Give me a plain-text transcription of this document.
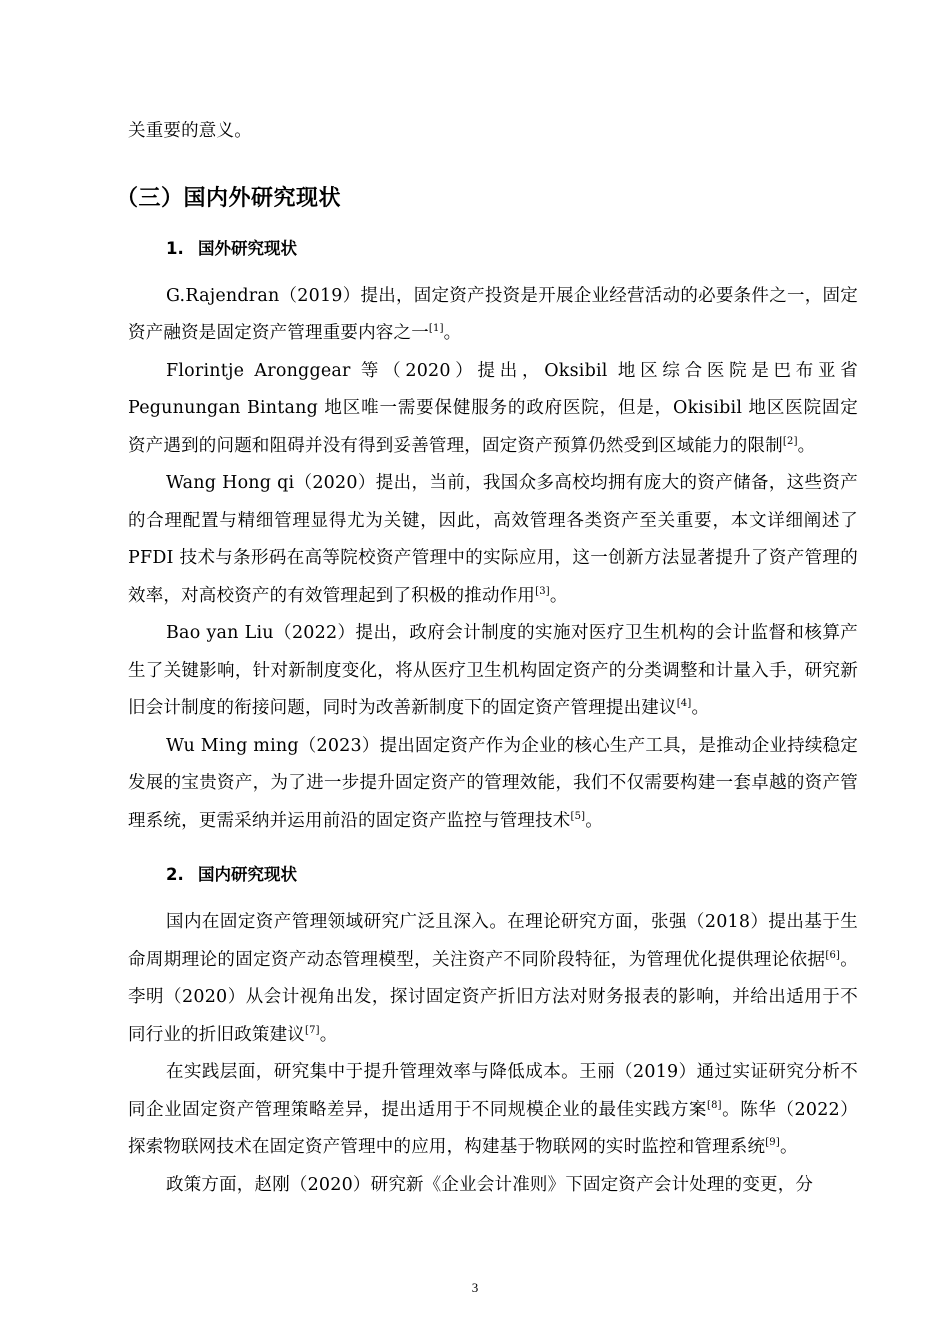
关重要的意义。

（三）国内外研究现状
1. 国外研究现状

G.Rajendran（2019）提出，固定资产投资是开展企业经营活动的必要条件之一，固定资产融资是固定资产管理重要内容之一[1]。

Florintje Aronggear 等（2020）提出，Oksibil 地区综合医院是巴布亚省 Pegunungan Bintang 地区唯一需要保健服务的政府医院，但是，Okisibil 地区医院固定资产遇到的问题和阻碍并没有得到妥善管理，固定资产预算仍然受到区域能力的限制[2]。

Wang Hong qi（2020）提出，当前，我国众多高校均拥有庞大的资产储备，这些资产的合理配置与精细管理显得尤为关键，因此，高效管理各类资产至关重要，本文详细阐述了 PFDI 技术与条形码在高等院校资产管理中的实际应用，这一创新方法显著提升了资产管理的效率，对高校资产的有效管理起到了积极的推动作用[3]。

Bao yan Liu（2022）提出，政府会计制度的实施对医疗卫生机构的会计监督和核算产生了关键影响，针对新制度变化，将从医疗卫生机构固定资产的分类调整和计量入手，研究新旧会计制度的衔接问题，同时为改善新制度下的固定资产管理提出建议[4]。

Wu Ming ming（2023）提出固定资产作为企业的核心生产工具，是推动企业持续稳定发展的宝贵资产，为了进一步提升固定资产的管理效能，我们不仅需要构建一套卓越的资产管理系统，更需采纳并运用前沿的固定资产监控与管理技术[5]。

2. 国内研究现状

国内在固定资产管理领域研究广泛且深入。在理论研究方面，张强（2018）提出基于生命周期理论的固定资产动态管理模型，关注资产不同阶段特征，为管理优化提供理论依据[6]。李明（2020）从会计视角出发，探讨固定资产折旧方法对财务报表的影响，并给出适用于不同行业的折旧政策建议[7]。

在实践层面，研究集中于提升管理效率与降低成本。王丽（2019）通过实证研究分析不同企业固定资产管理策略差异，提出适用于不同规模企业的最佳实践方案[8]。陈华（2022）探索物联网技术在固定资产管理中的应用，构建基于物联网的实时监控和管理系统[9]。

政策方面，赵刚（2020）研究新《企业会计准则》下固定资产会计处理的变更，分

3
